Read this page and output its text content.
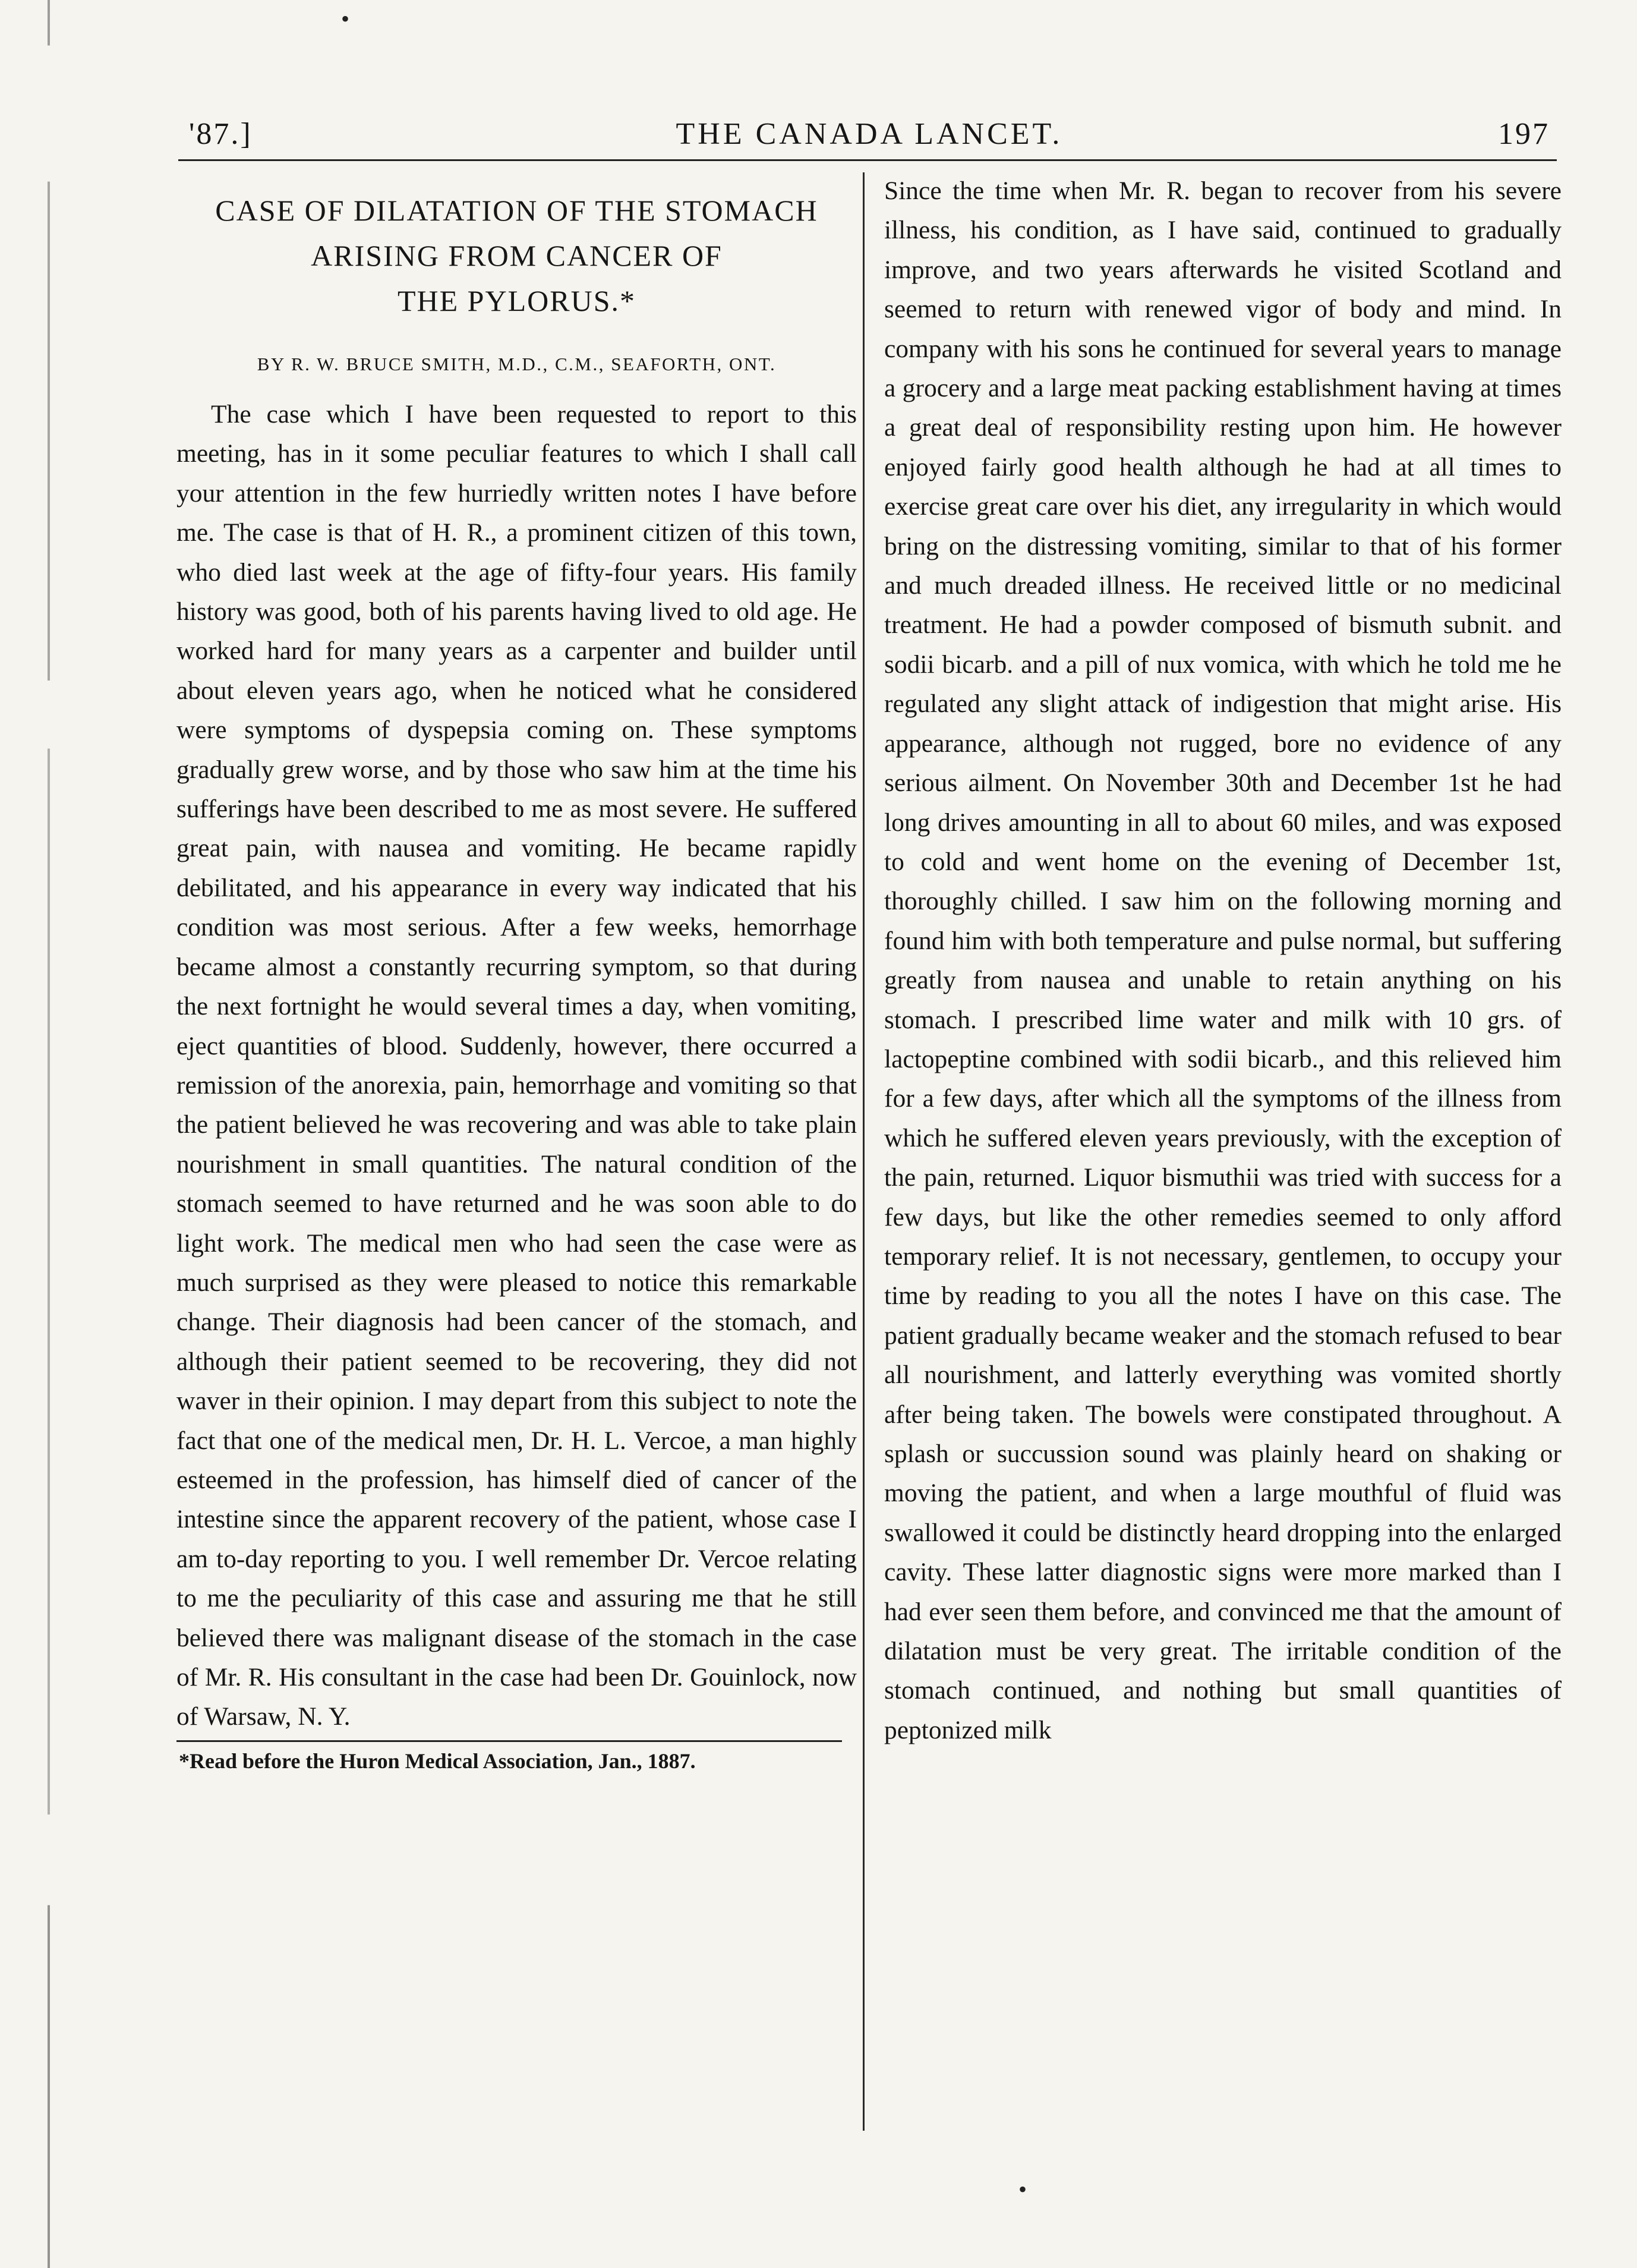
•
•
'87.]	THE CANADA LANCET.	197
CASE OF DILATATION OF THE STOMACH
ARISING FROM CANCER OF
THE PYLORUS.*
BY R. W. BRUCE SMITH, M.D., C.M., SEAFORTH, ONT.

The case which I have been requested to report to this meeting, has in it some peculiar features to which I shall call your attention in the few hurriedly written notes I have before me. The case is that of H. R., a prominent citizen of this town, who died last week at the age of fifty-four years. His family history was good, both of his parents having lived to old age. He worked hard for many years as a carpenter and builder until about eleven years ago, when he noticed what he considered were symptoms of dyspepsia coming on. These symptoms gradually grew worse, and by those who saw him at the time his sufferings have been described to me as most severe. He suffered great pain, with nausea and vomiting. He became rapidly debilitated, and his appearance in every way indicated that his condition was most serious. After a few weeks, hemorrhage became almost a constantly recurring symptom, so that during the next fortnight he would several times a day, when vomiting, eject quantities of blood. Suddenly, however, there occurred a remission of the anorexia, pain, hemorrhage and vomiting so that the patient believed he was recovering and was able to take plain nourishment in small quantities. The natural condition of the stomach seemed to have returned and he was soon able to do light work. The medical men who had seen the case were as much surprised as they were pleased to notice this remarkable change. Their diagnosis had been cancer of the stomach, and although their patient seemed to be recovering, they did not waver in their opinion. I may depart from this subject to note the fact that one of the medical men, Dr. H. L. Vercoe, a man highly esteemed in the profession, has himself died of cancer of the intestine since the apparent recovery of the patient, whose case I am to-day reporting to you. I well remember Dr. Vercoe relating to me the peculiarity of this case and assuring me that he still believed there was malignant disease of the stomach in the case of Mr. R. His consultant in the case had been Dr. Gouinlock, now of Warsaw, N. Y.

*Read before the Huron Medical Association, Jan., 1887.

Since the time when Mr. R. began to recover from his severe illness, his condition, as I have said, continued to gradually improve, and two years afterwards he visited Scotland and seemed to return with renewed vigor of body and mind. In company with his sons he continued for several years to manage a grocery and a large meat packing establishment having at times a great deal of responsibility resting upon him. He however enjoyed fairly good health although he had at all times to exercise great care over his diet, any irregularity in which would bring on the distressing vomiting, similar to that of his former and much dreaded illness. He received little or no medicinal treatment. He had a powder composed of bismuth subnit. and sodii bicarb. and a pill of nux vomica, with which he told me he regulated any slight attack of indigestion that might arise. His appearance, although not rugged, bore no evidence of any serious ailment. On November 30th and December 1st he had long drives amounting in all to about 60 miles, and was exposed to cold and went home on the evening of December 1st, thoroughly chilled. I saw him on the following morning and found him with both temperature and pulse normal, but suffering greatly from nausea and unable to retain anything on his stomach. I prescribed lime water and milk with 10 grs. of lactopeptine combined with sodii bicarb., and this relieved him for a few days, after which all the symptoms of the illness from which he suffered eleven years previously, with the exception of the pain, returned. Liquor bismuthii was tried with success for a few days, but like the other remedies seemed to only afford temporary relief. It is not necessary, gentlemen, to occupy your time by reading to you all the notes I have on this case. The patient gradually became weaker and the stomach refused to bear all nourishment, and latterly everything was vomited shortly after being taken. The bowels were constipated throughout. A splash or succussion sound was plainly heard on shaking or moving the patient, and when a large mouthful of fluid was swallowed it could be distinctly heard dropping into the enlarged cavity. These latter diagnostic signs were more marked than I had ever seen them before, and convinced me that the amount of dilatation must be very great. The irritable condition of the stomach continued, and nothing but small quantities of peptonized milk
